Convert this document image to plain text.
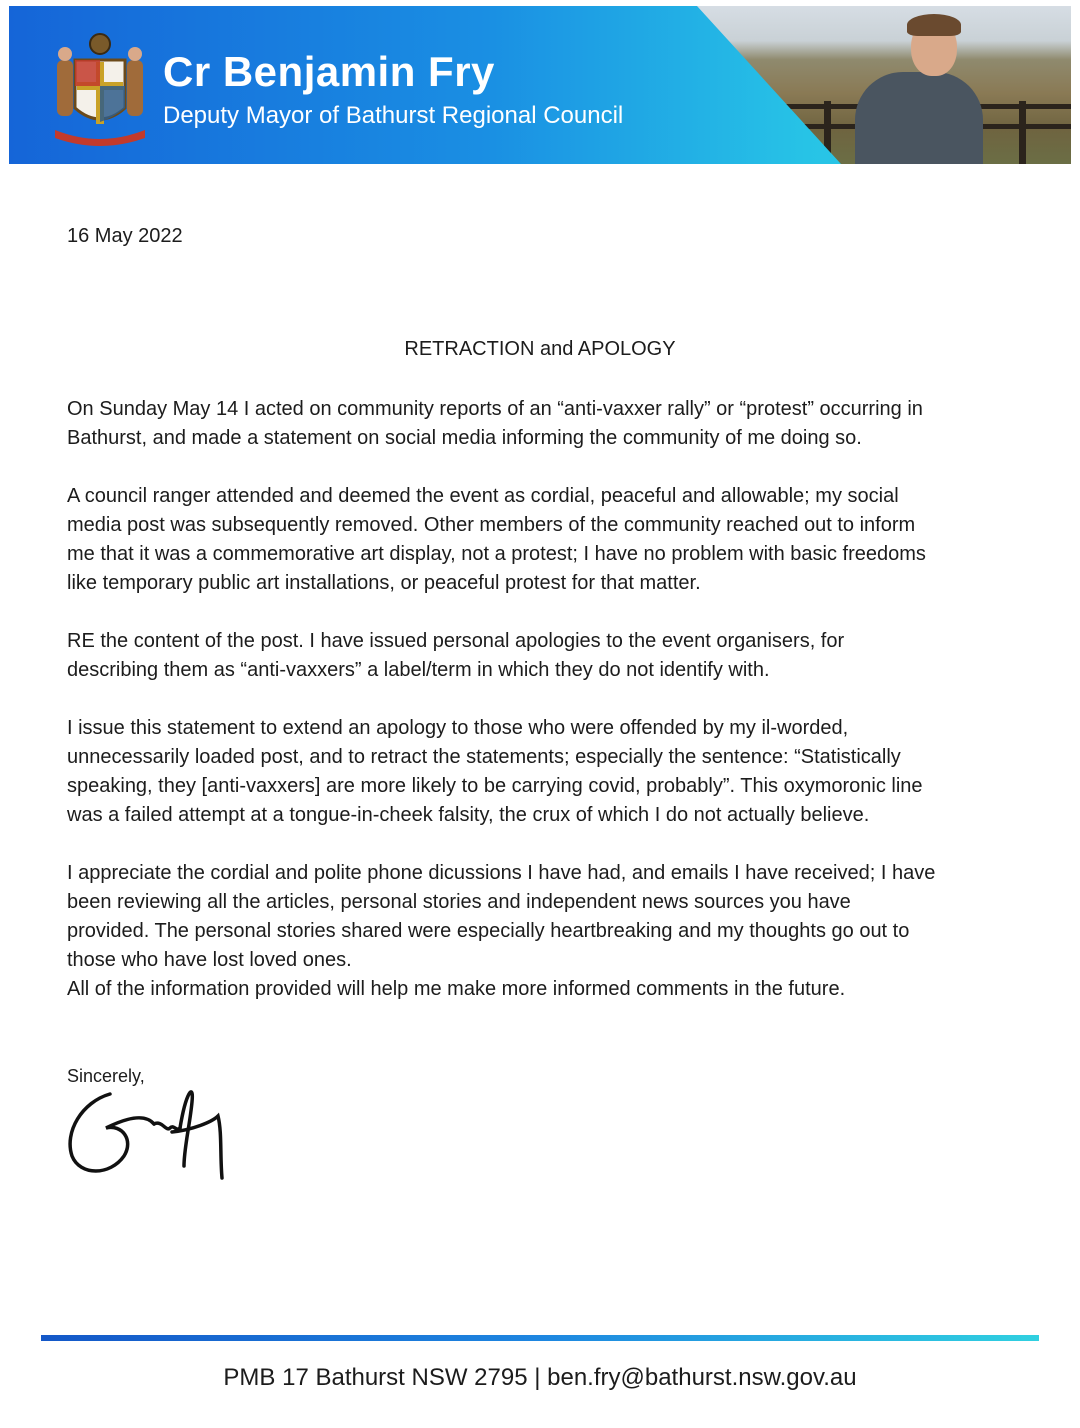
Cr Benjamin Fry
Deputy Mayor of Bathurst Regional Council
16 May 2022
RETRACTION and APOLOGY

On Sunday May 14 I acted on community reports of an “anti-vaxxer rally” or “protest” occurring in
Bathurst, and made a statement on social media informing the community of me doing so.

A council ranger attended and deemed the event as cordial, peaceful and allowable; my social
media post was subsequently removed. Other members of the community reached out to inform
me that it was a commemorative art display, not a protest; I have no problem with basic freedoms
like temporary public art installations, or peaceful protest for that matter.

RE the content of the post. I have issued personal apologies to the event organisers, for
describing them as “anti-vaxxers” a label/term in which they do not identify with.

I issue this statement to extend an apology to those who were offended by my il-worded,
unnecessarily loaded post, and to retract the statements; especially the sentence: “Statistically
speaking, they [anti-vaxxers] are more likely to be carrying covid, probably”. This oxymoronic line
was a failed attempt at a tongue-in-cheek falsity, the crux of which I do not actually believe.

I appreciate the cordial and polite phone dicussions I have had, and emails I have received; I have
been reviewing all the articles, personal stories and independent news sources you have
provided. The personal stories shared were especially heartbreaking and my thoughts go out to
those who have lost loved ones.
All of the information provided will help me make more informed comments in the future.

Sincerely,
PMB 17 Bathurst NSW 2795 | ben.fry@bathurst.nsw.gov.au
